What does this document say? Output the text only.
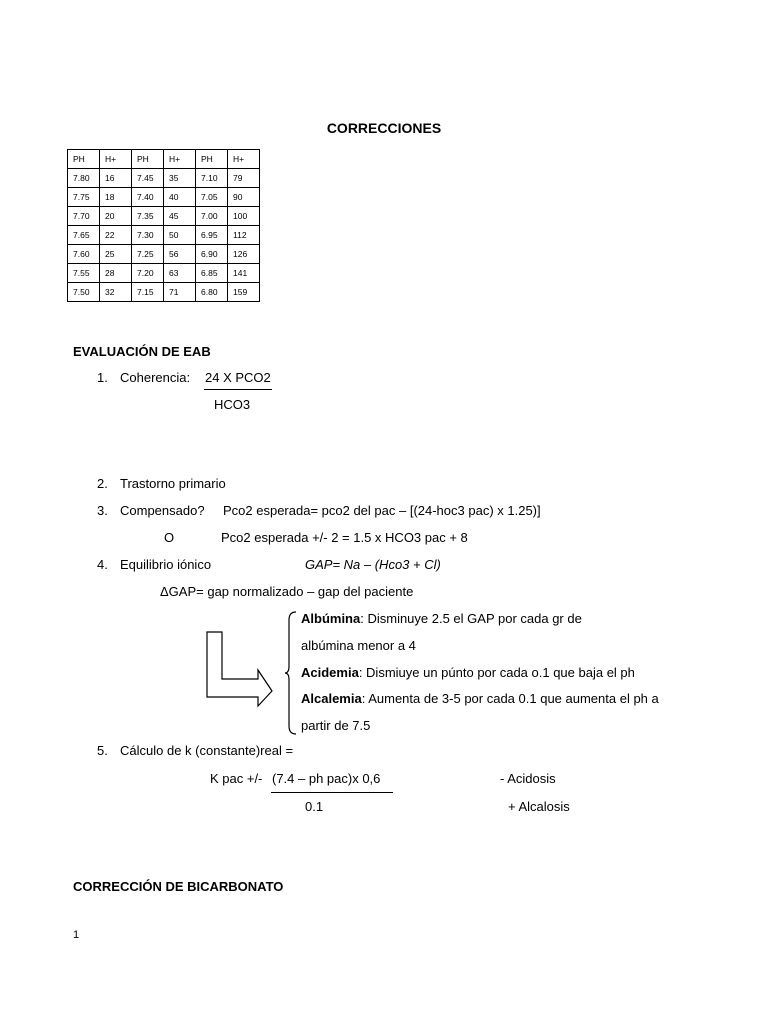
CORRECCIONES
PH	H+	PH	H+	PH	H+
7.80	16	7.45	35	7.10	79
7.75	18	7.40	40	7.05	90
7.70	20	7.35	45	7.00	100
7.65	22	7.30	50	6.95	112
7.60	25	7.25	56	6.90	126
7.55	28	7.20	63	6.85	141
7.50	32	7.15	71	6.80	159
EVALUACIÓN DE EAB
1. Coherencia: 24 X PCO2
HCO3
2. Trastorno primario
3. Compensado? Pco2 esperada= pco2 del pac – [(24-hoc3 pac) x 1.25)]
O	Pco2 esperada +/- 2 = 1.5 x HCO3 pac + 8
4. Equilibrio iónico	GAP= Na – (Hco3 + Cl)
ΔGAP= gap normalizado – gap del paciente
Albúmina: Disminuye 2.5 el GAP por cada gr de
albúmina menor a 4
Acidemia: Dismiuye un púnto por cada o.1 que baja el ph
Alcalemia: Aumenta de 3-5 por cada 0.1 que aumenta el ph a
partir de 7.5
5. Cálculo de k (constante)real =
K pac +/- (7.4 – ph pac)x 0,6
0.1
- Acidosis
+ Alcalosis
CORRECCIÓN DE BICARBONATO
1
